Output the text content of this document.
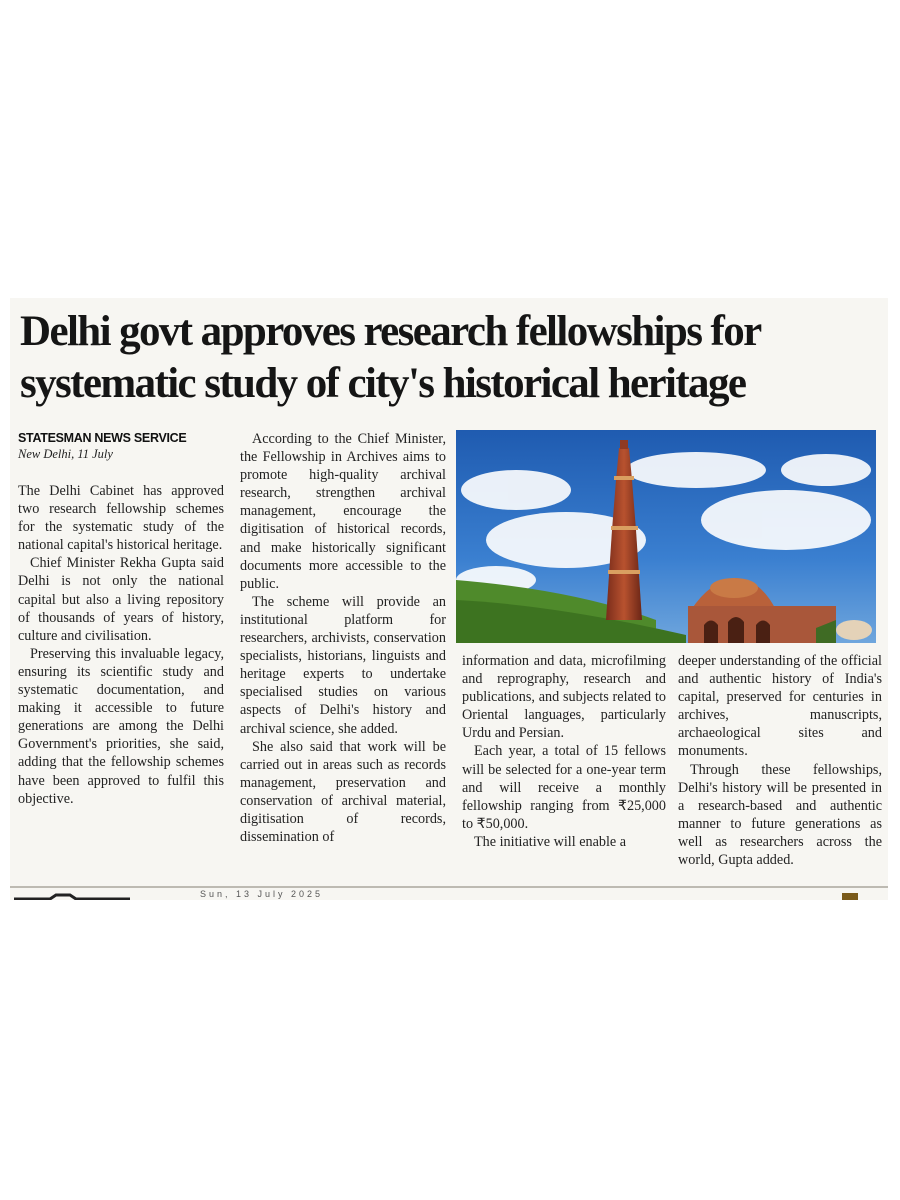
Delhi govt approves research fellowships for
systematic study of city's historical heritage
STATESMAN NEWS SERVICE
New Delhi, 11 July

The Delhi Cabinet has approved two research fellowship schemes for the systematic study of the national capital's historical heritage.

Chief Minister Rekha Gupta said Delhi is not only the national capital but also a living repository of thousands of years of history, culture and civilisation.

Preserving this invaluable legacy, ensuring its scientific study and systematic documentation, and making it accessible to future generations are among the Delhi Government's priorities, she said, adding that the fellowship schemes have been approved to fulfil this objective.

According to the Chief Minister, the Fellowship in Archives aims to promote high-quality archival research, strengthen archival management, encourage the digitisation of historical records, and make historically significant documents more accessible to the public.

The scheme will provide an institutional platform for researchers, archivists, conservation specialists, historians, linguists and heritage experts to undertake specialised studies on various aspects of Delhi's history and archival science, she added.

She also said that work will be carried out in areas such as records management, preservation and conservation of archival material, digitisation of records, dissemination of

information and data, microfilming and reprography, research and publications, and subjects related to Oriental languages, particularly Urdu and Persian.

Each year, a total of 15 fellows will be selected for a one-year term and will receive a monthly fellowship ranging from ₹25,000 to ₹50,000.

The initiative will enable a

deeper understanding of the official and authentic history of India's capital, preserved for centuries in archives, manuscripts, archaeological sites and monuments.

Through these fellowships, Delhi's history will be presented in a research-based and authentic manner to future generations as well as researchers across the world, Gupta added.

Sun, 13 July 2025
